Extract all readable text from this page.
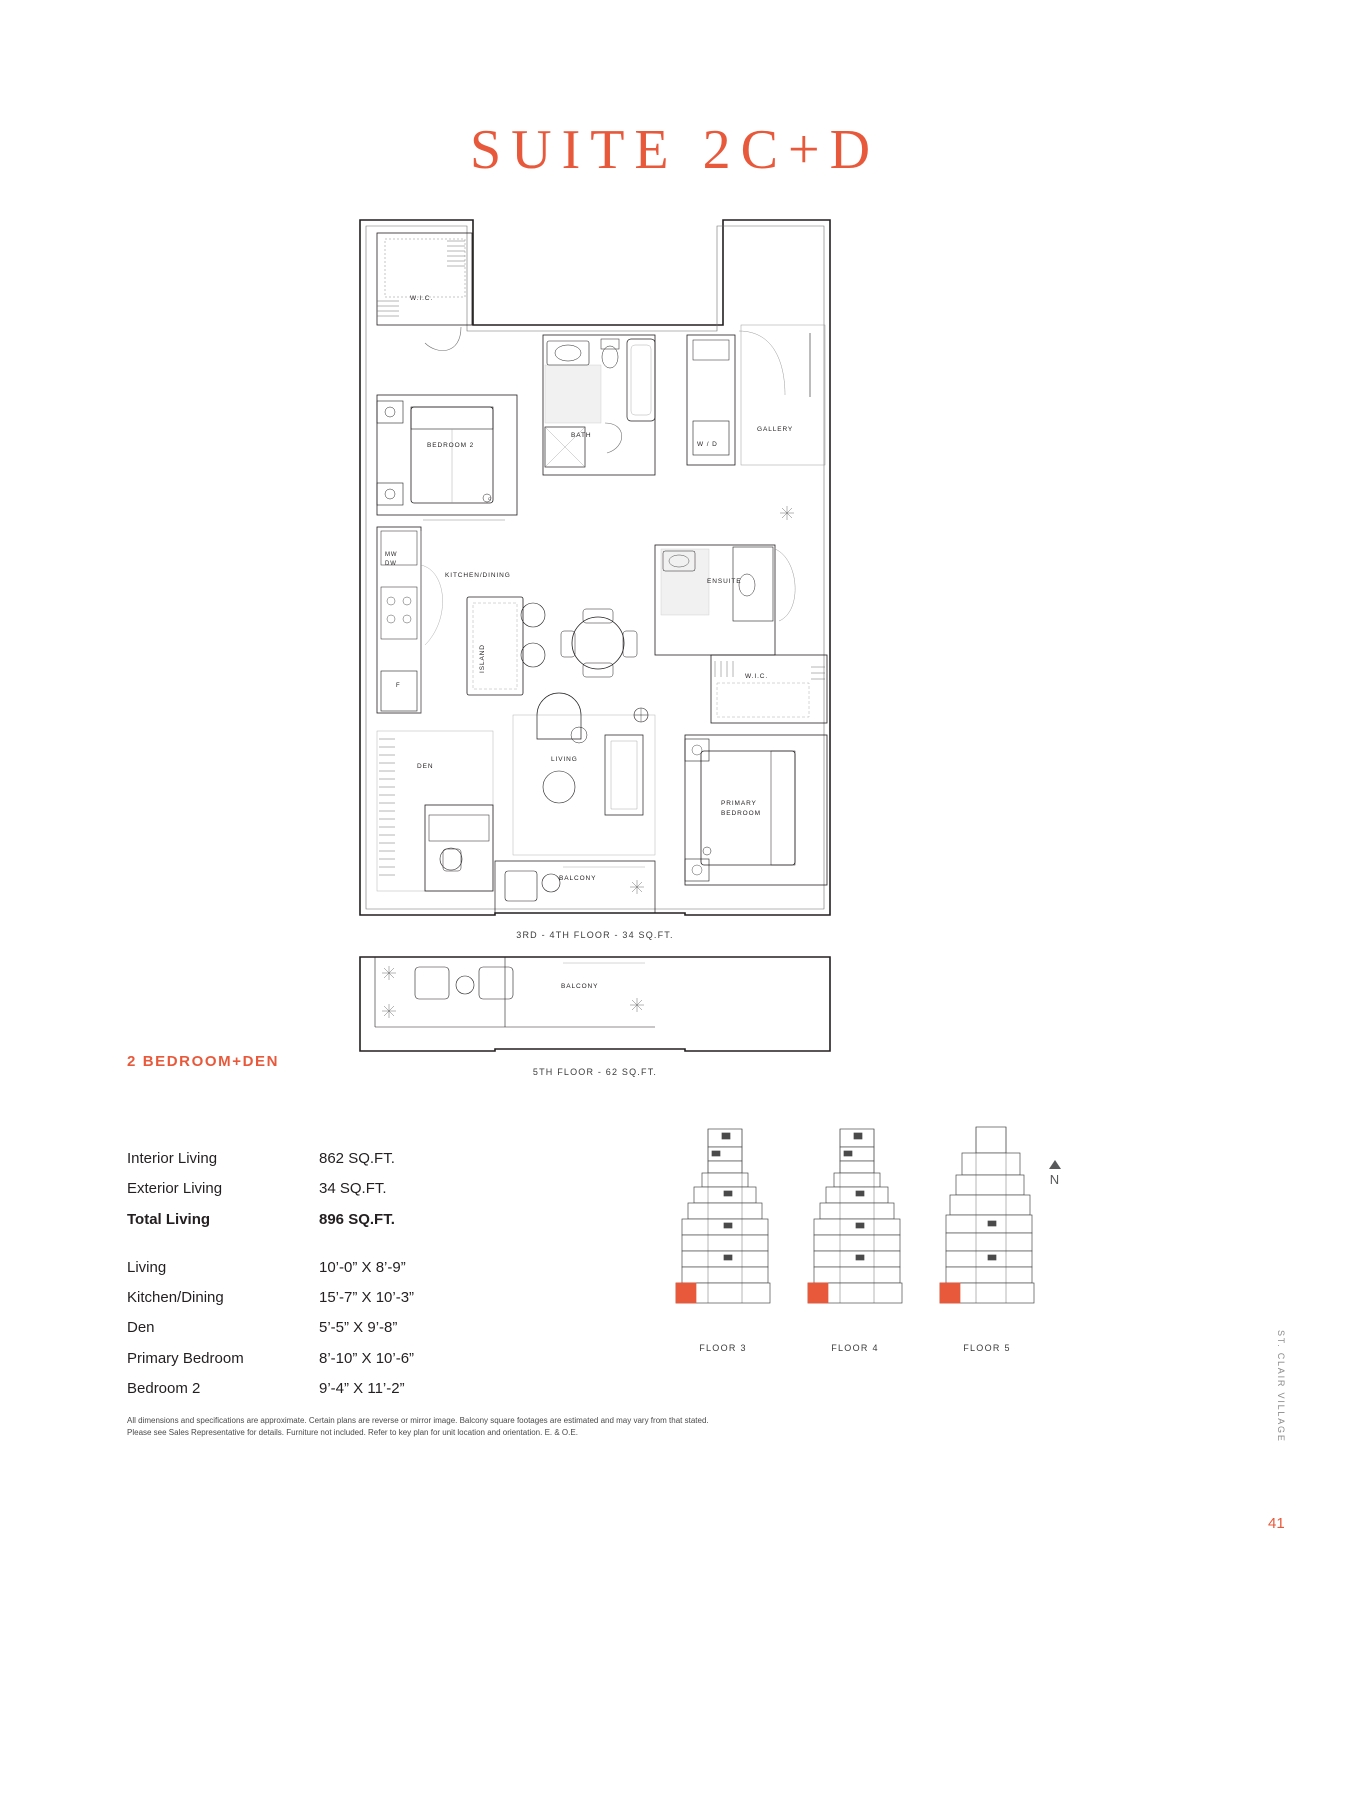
SUITE 2C+D
Q
W.I.C.
BEDROOM 2
BATH
W / D
GALLERY
MW
DW
KITCHEN/DINING
ENSUITE
W.I.C.
F
LIVING
DEN
PRIMARY
BEDROOM
BALCONY
BALCONY
ISLAND
3RD - 4TH FLOOR - 34 SQ.FT.
5TH FLOOR - 62 SQ.FT.
2 BEDROOM+DEN
Interior Living	862 SQ.FT.
Exterior Living	34 SQ.FT.
Total Living	896 SQ.FT.
Living	10’-0” X 8’-9”
Kitchen/Dining	15’-7” X 10’-3”
Den	5’-5” X 9’-8”
Primary Bedroom	8’-10” X 10’-6”
Bedroom 2	9’-4” X 11’-2”
FLOOR 3	FLOOR 4	FLOOR 5
N
All dimensions and specifications are approximate. Certain plans are reverse or mirror image. Balcony square footages are estimated and may vary from that stated. Please see Sales Representative for details. Furniture not included. Refer to key plan for unit location and orientation. E. & O.E.	ST. CLAIR VILLAGE
41
